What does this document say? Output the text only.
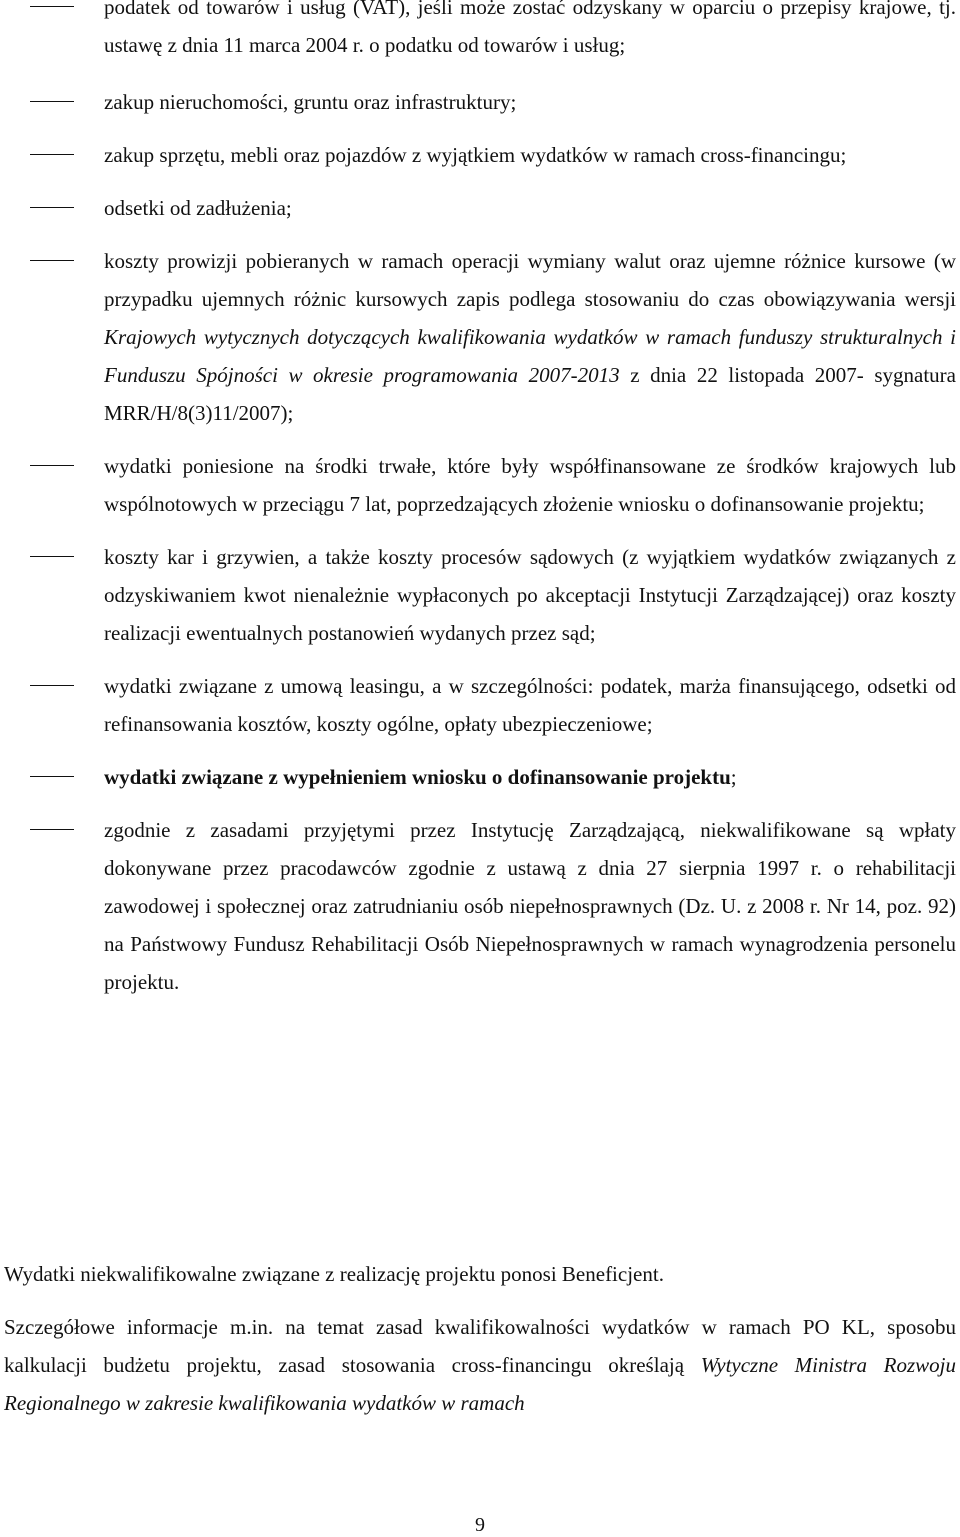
podatek od towarów i usług (VAT), jeśli może zostać odzyskany w oparciu o przepisy krajowe, tj. ustawę z dnia 11 marca 2004 r. o podatku od towarów i usług;
zakup nieruchomości, gruntu oraz infrastruktury;
zakup sprzętu, mebli oraz pojazdów z wyjątkiem wydatków w ramach cross-financingu;
odsetki od zadłużenia;
koszty prowizji pobieranych w ramach operacji wymiany walut oraz ujemne różnice kursowe (w przypadku ujemnych różnic kursowych zapis podlega stosowaniu do czas obowiązywania wersji Krajowych wytycznych dotyczących kwalifikowania wydatków w ramach funduszy strukturalnych i Funduszu Spójności w okresie programowania 2007-2013 z dnia 22 listopada 2007- sygnatura MRR/H/8(3)11/2007);
wydatki poniesione na środki trwałe, które były współfinansowane ze środków krajowych lub wspólnotowych w przeciągu 7 lat, poprzedzających złożenie wniosku o dofinansowanie projektu;
koszty kar i grzywien, a także koszty procesów sądowych (z wyjątkiem wydatków związanych z odzyskiwaniem kwot nienależnie wypłaconych po akceptacji Instytucji Zarządzającej) oraz koszty realizacji ewentualnych postanowień wydanych przez sąd;
wydatki związane z umową leasingu, a w szczególności: podatek, marża finansującego, odsetki od refinansowania kosztów, koszty ogólne, opłaty ubezpieczeniowe;
wydatki związane z wypełnieniem wniosku o dofinansowanie projektu;
zgodnie z zasadami przyjętymi przez Instytucję Zarządzającą, niekwalifikowane są wpłaty dokonywane przez pracodawców zgodnie z ustawą z dnia 27 sierpnia 1997 r. o rehabilitacji zawodowej i społecznej oraz zatrudnianiu osób niepełnosprawnych (Dz. U. z 2008 r. Nr 14, poz. 92) na Państwowy Fundusz Rehabilitacji Osób Niepełnosprawnych w ramach wynagrodzenia personelu projektu.

Wydatki niekwalifikowalne związane z realizację projektu ponosi Beneficjent.

Szczegółowe informacje m.in. na temat zasad kwalifikowalności wydatków w ramach PO KL, sposobu kalkulacji budżetu projektu, zasad stosowania cross-financingu określają Wytyczne Ministra Rozwoju Regionalnego w zakresie kwalifikowania wydatków w ramach

9
